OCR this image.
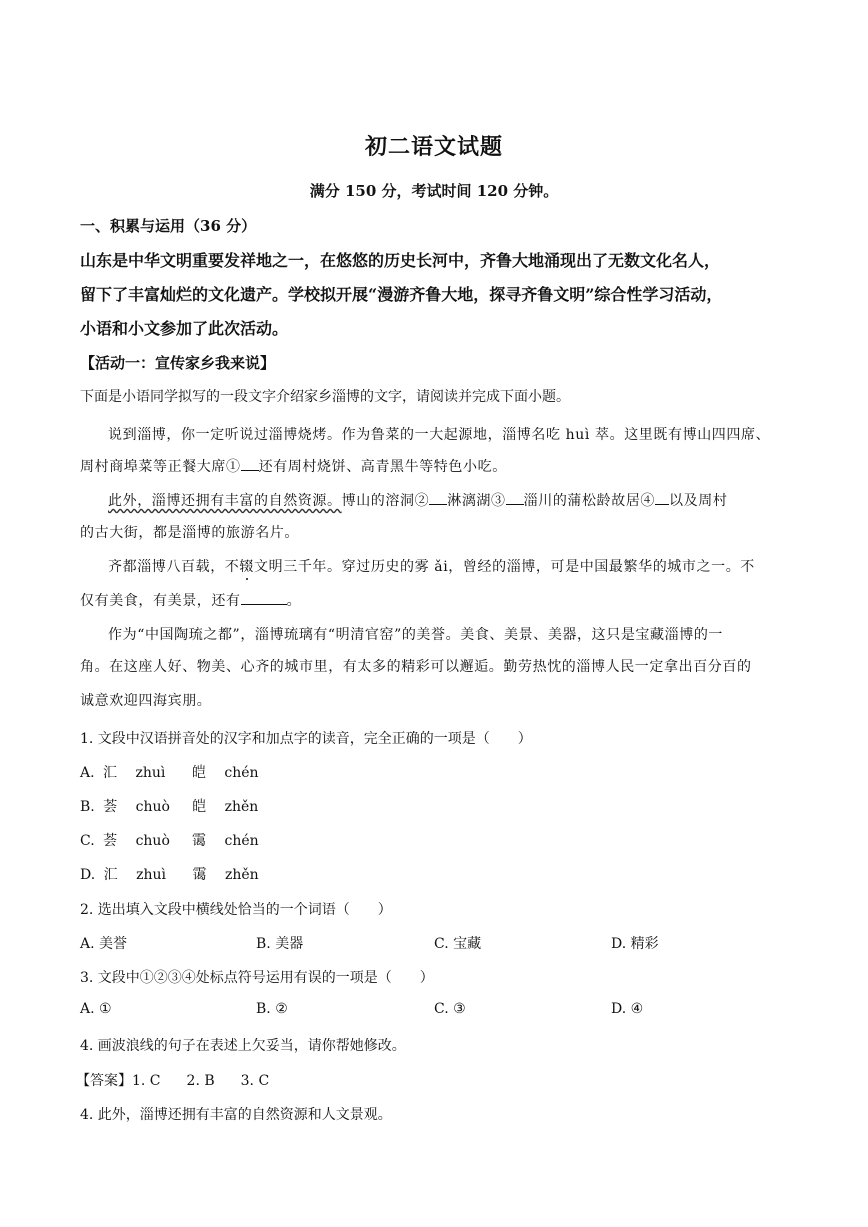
初二语文试题
满分 150 分，考试时间 120 分钟。
一、积累与运用（36 分）
山东是中华文明重要发祥地之一，在悠悠的历史长河中，齐鲁大地涌现出了无数文化名人，
留下了丰富灿烂的文化遗产。学校拟开展“漫游齐鲁大地，探寻齐鲁文明”综合性学习活动，
小语和小文参加了此次活动。
【活动一：宣传家乡我来说】
下面是小语同学拟写的一段文字介绍家乡淄博的文字，请阅读并完成下面小题。
说到淄博，你一定听说过淄博烧烤。作为鲁菜的一大起源地，淄博名吃 huì 萃。这里既有博山四四席、
周村商埠菜等正餐大席① 还有周村烧饼、高青黑牛等特色小吃。
此外，淄博还拥有丰富的自然资源。博山的溶洞② 淋漓湖③ 淄川的蒲松龄故居④ 以及周村
的古大街，都是淄博的旅游名片。
齐都淄博八百载，不辍文明三千年。穿过历史的雾 ǎi，曾经的淄博，可是中国最繁华的城市之一。不
仅有美食，有美景，还有	。
作为“中国陶琉之都”，淄博琉璃有“明清官窑”的美誉。美食、美景、美器，这只是宝藏淄博的一
角。在这座人好、物美、心齐的城市里，有太多的精彩可以邂逅。勤劳热忱的淄博人民一定拿出百分百的
诚意欢迎四海宾朋。
1. 文段中汉语拼音处的汉字和加点字的读音，完全正确的一项是（　　）
A. 汇 zhuì 皑 chén
B. 荟 chuò 皑 zhěn
C. 荟 chuò 霭 chén
D. 汇 zhuì 霭 zhěn
2. 选出填入文段中横线处恰当的一个词语（　　）
A. 美誉	B. 美器	C. 宝藏	D. 精彩
3. 文段中①②③④处标点符号运用有误的一项是（　　）
A. ①	B. ②	C. ③	D. ④
4. 画波浪线的句子在表述上欠妥当，请你帮她修改。
【答案】1. C 2. B 3. C
4. 此外，淄博还拥有丰富的自然资源和人文景观。
